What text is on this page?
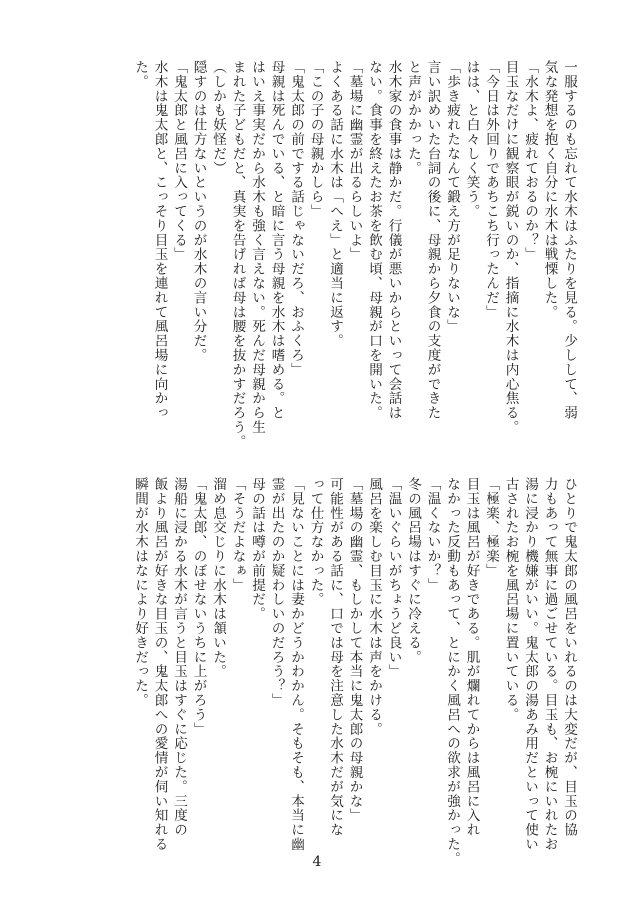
一服するのも忘れて水木はふたりを見る。少しして、弱

気な発想を抱く自分に水木は戦慄した。

「水木よ、疲れておるのか？」

目玉なだけに観察眼が鋭いのか、指摘に水木は内心焦る。

「今日は外回りであちこち行ったんだ」

はは、と白々しく笑う。

「歩き疲れたなんて鍛え方が足りないな」

言い訳めいた台詞の後に、母親から夕食の支度ができた

と声がかかった。

水木家の食事は静かだ。行儀が悪いからといって会話は

ない。食事を終えたお茶を飲む頃、母親が口を開いた。

「墓場に幽霊が出るらしいよ」

よくある話に水木は「へえ」と適当に返す。

「この子の母親かしら」

「鬼太郎の前でする話じゃないだろ、おふくろ」

母親は死んでいる、と暗に言う母親を水木は嗜める。と

はいえ事実だから水木も強く言えない。死んだ母親から生

まれた子どもだと、真実を告げれば母は腰を抜かすだろう。

（しかも妖怪だ）

隠すのは仕方ないというのが水木の言い分だ。

「鬼太郎と風呂に入ってくる」

水木は鬼太郎と、こっそり目玉を連れて風呂場に向かっ

た。

ひとりで鬼太郎の風呂をいれるのは大変だが、目玉の協

力もあって無事に過ごせている。目玉も、お椀にいれたお

湯に浸かり機嫌がいい。鬼太郎の湯あみ用だといって使い

古されたお椀を風呂場に置いている。

「極楽、極楽」

目玉は風呂が好きである。肌が爛れてからは風呂に入れ

なかった反動もあって、とにかく風呂への欲求が強かった。

「温くないか？」

冬の風呂場はすぐに冷える。

「温いぐらいがちょうど良い」

風呂を楽しむ目玉に水木は声をかける。

「墓場の幽霊、もしかして本当に鬼太郎の母親かな」

可能性がある話に、口では母を注意した水木だが気にな

って仕方なかった。

「見ないことには妻かどうかわかん。そもそも、本当に幽

霊が出たのか疑わしいのだろう？」

母の話は噂が前提だ。

「そうだよなぁ」

溜め息交じりに水木は頷いた。

「鬼太郎、のぼせないうちに上がろう」

湯船に浸かる水木が言うと目玉はすぐに応じた。三度の

飯より風呂が好きな目玉の、鬼太郎への愛情が伺い知れる

瞬間が水木はなにより好きだった。

4
